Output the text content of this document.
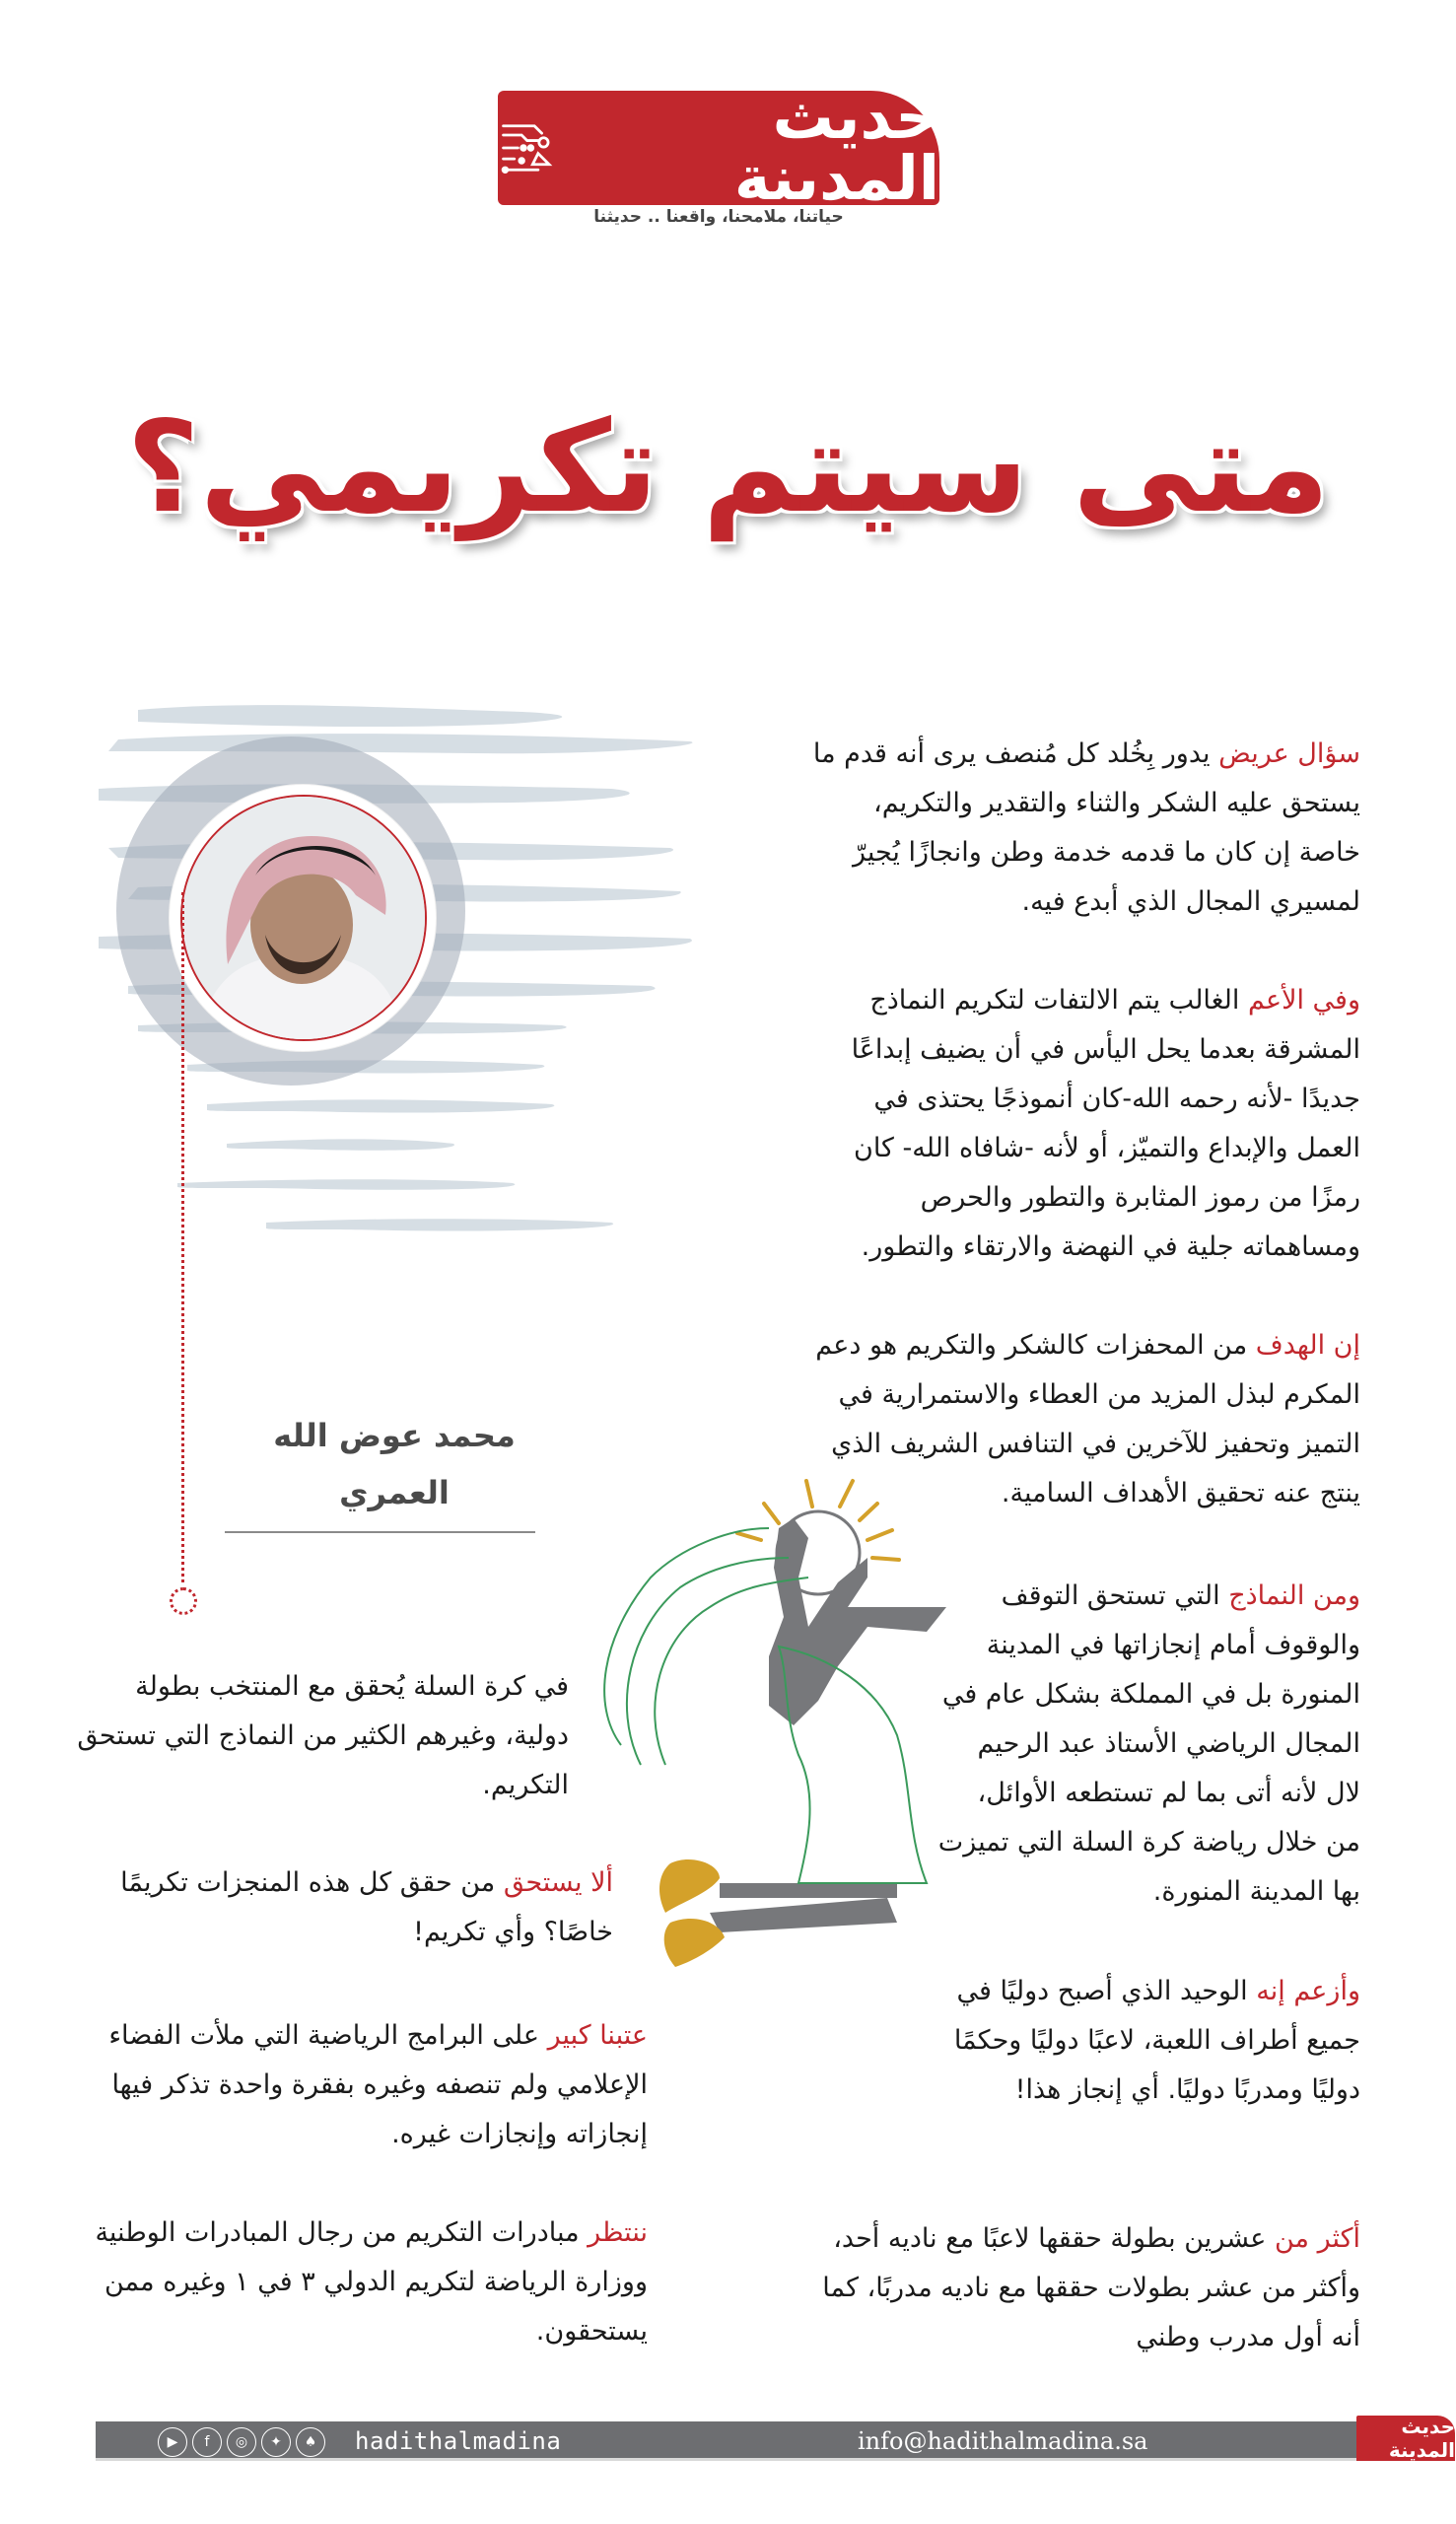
حديث المدينة
حياتنا، ملامحنا، واقعنا .. حديثنا
متى سيتم تكريمي؟
محمد عوض الله
العمري

سؤال عريض يدور بِخُلد كل مُنصف يرى أنه قدم ما يستحق عليه الشكر والثناء والتقدير والتكريم، خاصة إن كان ما قدمه خدمة وطن وانجازًا يُجيرّ لمسيري المجال الذي أبدع فيه.

وفي الأعم الغالب يتم الالتفات لتكريم النماذج المشرقة بعدما يحل اليأس في أن يضيف إبداعًا جديدًا -لأنه رحمه الله-كان أنموذجًا يحتذى في العمل والإبداع والتميّز، أو لأنه -شافاه الله- كان رمزًا من رموز المثابرة والتطور والحرص ومساهماته جلية في النهضة والارتقاء والتطور.

إن الهدف من المحفزات كالشكر والتكريم هو دعم المكرم لبذل المزيد من العطاء والاستمرارية في التميز وتحفيز للآخرين في التنافس الشريف الذي ينتج عنه تحقيق الأهداف السامية.

ومن النماذج التي تستحق التوقف والوقوف أمام إنجازاتها في المدينة المنورة بل في المملكة بشكل عام في المجال الرياضي الأستاذ عبد الرحيم لال لأنه أتى بما لم تستطعه الأوائل، من خلال رياضة كرة السلة التي تميزت بها المدينة المنورة.

وأزعم إنه الوحيد الذي أصبح دوليًا في جميع أطراف اللعبة، لاعبًا دوليًا وحكمًا دوليًا ومدربًا دوليًا. أي إنجاز هذا!

أكثر من عشرين بطولة حققها لاعبًا مع ناديه أحد، وأكثر من عشر بطولات حققها مع ناديه مدربًا، كما أنه أول مدرب وطني

في كرة السلة يُحقق مع المنتخب بطولة دولية، وغيرهم الكثير من النماذج التي تستحق التكريم.

ألا يستحق من حقق كل هذه المنجزات تكريمًا خاصًا؟ وأي تكريم!

عتبنا كبير على البرامج الرياضية التي ملأت الفضاء الإعلامي ولم تنصفه وغيره بفقرة واحدة تذكر فيها إنجازاته وإنجازات غيره.

ننتظر مبادرات التكريم من رجال المبادرات الوطنية ووزارة الرياضة لتكريم الدولي ٣ في ١ وغيره ممن يستحقون.

▶	f	◎	✦	♠	hadithalmadina	info@hadithalmadina.sa
حديث المدينة
